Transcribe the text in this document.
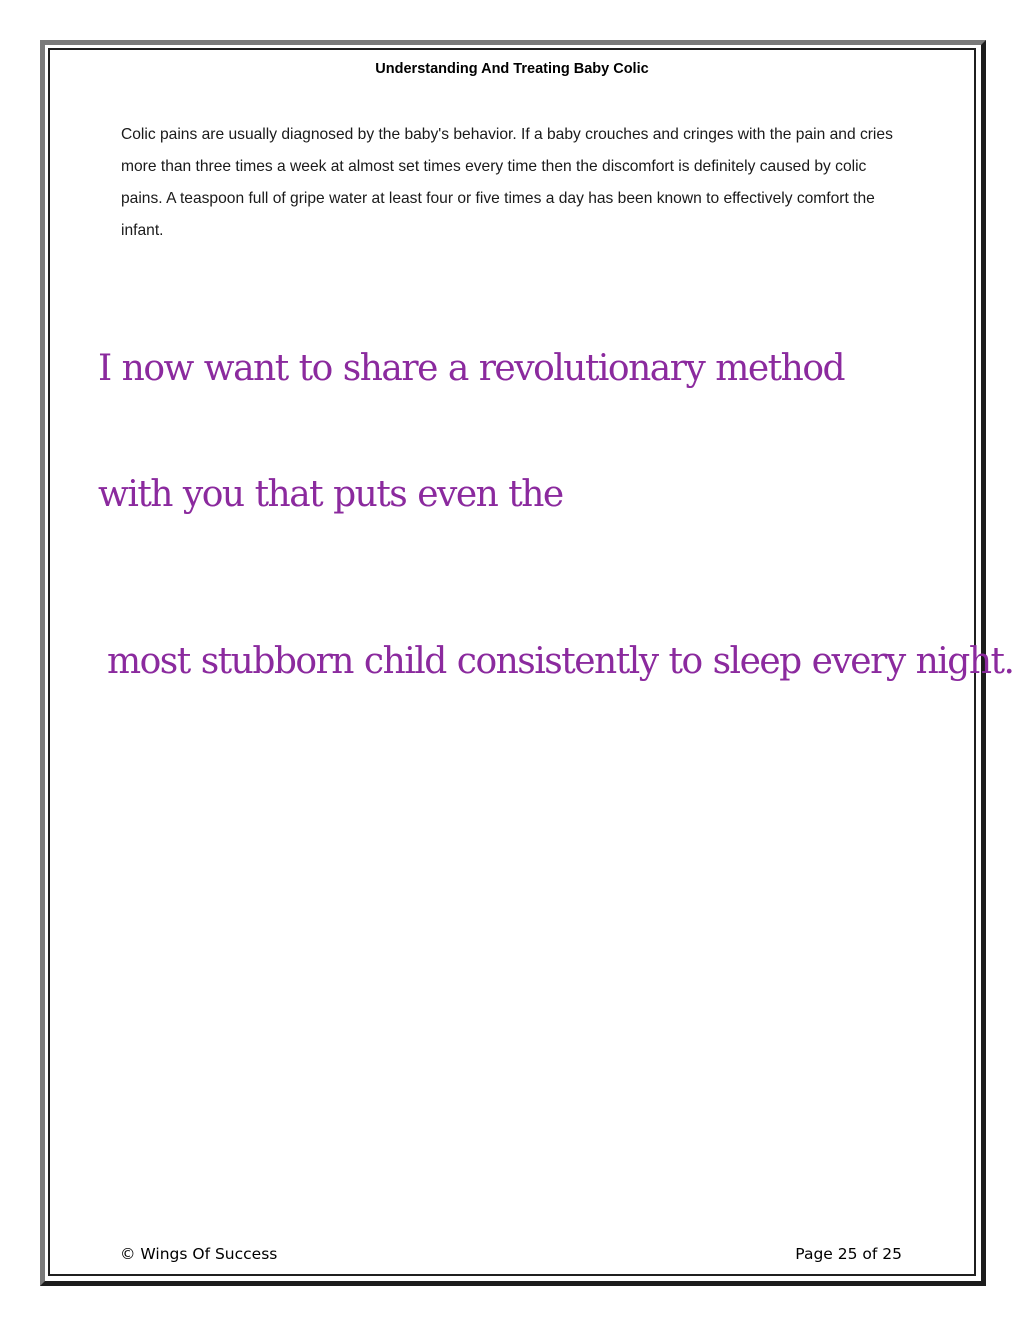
Understanding And Treating Baby Colic

Colic pains are usually diagnosed by the baby's behavior. If a baby crouches and cringes with the pain and cries more than three times a week at almost set times every time then the discomfort is definitely caused by colic pains. A teaspoon full of gripe water at least four or five times a day has been known to effectively comfort the infant.

I now want to share a revolutionary method
with you that puts even the
most stubborn child consistently to sleep every night.
© Wings Of Success	Page 25 of 25
